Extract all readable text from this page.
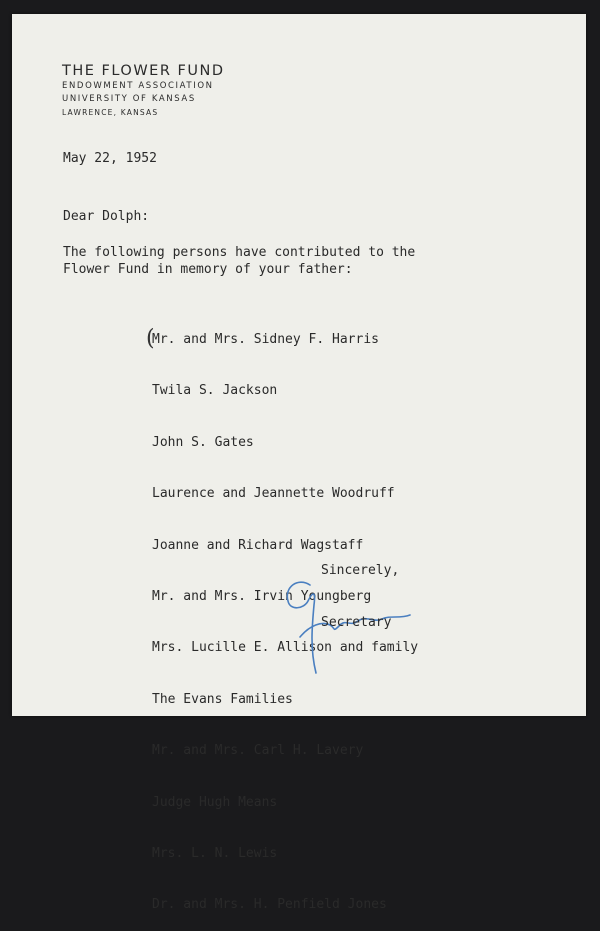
THE FLOWER FUND

ENDOWMENT ASSOCIATION

UNIVERSITY OF KANSAS

LAWRENCE, KANSAS

May 22, 1952
Dear Dolph:
The following persons have contributed to the
Flower Fund in memory of your father:
(

Mr. and Mrs. Sidney F. Harris

Twila S. Jackson

John S. Gates

Laurence and Jeannette Woodruff

Joanne and Richard Wagstaff

Mr. and Mrs. Irvin Youngberg

Mrs. Lucille E. Allison and family

The Evans Families

Mr. and Mrs. Carl H. Lavery

Judge Hugh Means

Mrs. L. N. Lewis

Dr. and Mrs. H. Penfield Jones

Sincerely,
Secretary
